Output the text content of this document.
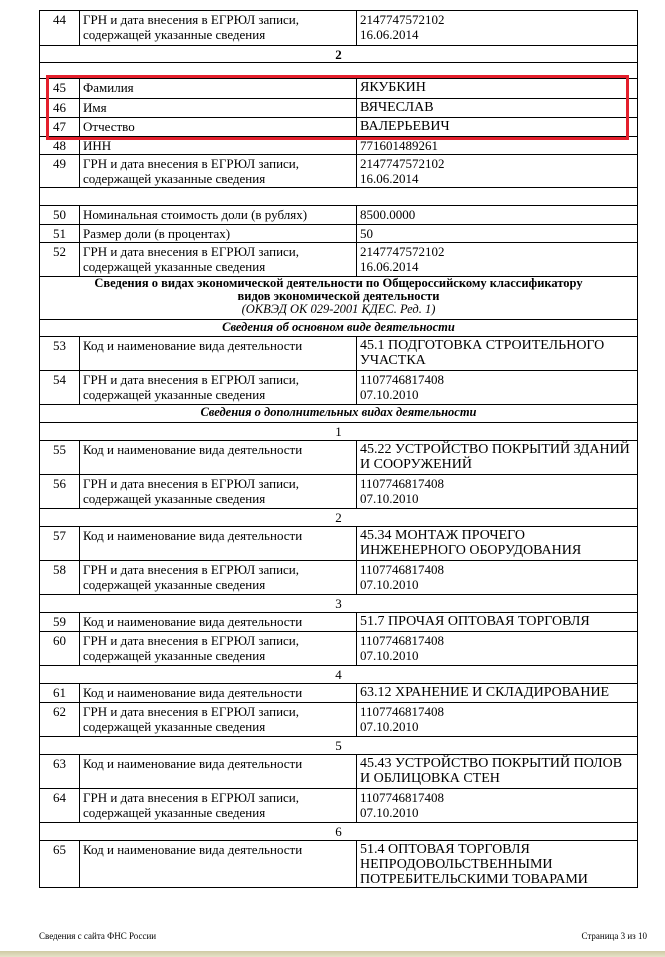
44	ГРН и дата внесения в ЕГРЮЛ записи, содержащей указанные сведения	2147747572102
16.06.2014
2		

45	Фамилия	ЯКУБКИН
46	Имя	ВЯЧЕСЛАВ
47	Отчество	ВАЛЕРЬЕВИЧ
48	ИНН	771601489261
49	ГРН и дата внесения в ЕГРЮЛ записи, содержащей указанные сведения	2147747572102
16.06.2014

50	Номинальная стоимость доли (в рублях)	8500.0000
51	Размер доли (в процентах)	50
52	ГРН и дата внесения в ЕГРЮЛ записи, содержащей указанные сведения	2147747572102
16.06.2014

Сведения о видах экономической деятельности по Общероссийскому классификатору видов экономической деятельности
(ОКВЭД ОК 029-2001 КДЕС. Ред. 1)		

Сведения об основном виде деятельности		
53	Код и наименование вида деятельности	45.1 ПОДГОТОВКА СТРОИТЕЛЬНОГО УЧАСТКА
54	ГРН и дата внесения в ЕГРЮЛ записи, содержащей указанные сведения	1107746817408
07.10.2010
Сведения о дополнительных видах деятельности		
1		
55	Код и наименование вида деятельности	45.22 УСТРОЙСТВО ПОКРЫТИЙ ЗДАНИЙ И СООРУЖЕНИЙ
56	ГРН и дата внесения в ЕГРЮЛ записи, содержащей указанные сведения	1107746817408
07.10.2010
2		
57	Код и наименование вида деятельности	45.34 МОНТАЖ ПРОЧЕГО ИНЖЕНЕРНОГО ОБОРУДОВАНИЯ
58	ГРН и дата внесения в ЕГРЮЛ записи, содержащей указанные сведения	1107746817408
07.10.2010
3		
59	Код и наименование вида деятельности	51.7 ПРОЧАЯ ОПТОВАЯ ТОРГОВЛЯ
60	ГРН и дата внесения в ЕГРЮЛ записи, содержащей указанные сведения	1107746817408
07.10.2010
4		
61	Код и наименование вида деятельности	63.12 ХРАНЕНИЕ И СКЛАДИРОВАНИЕ
62	ГРН и дата внесения в ЕГРЮЛ записи, содержащей указанные сведения	1107746817408
07.10.2010
5		
63	Код и наименование вида деятельности	45.43 УСТРОЙСТВО ПОКРЫТИЙ ПОЛОВ И ОБЛИЦОВКА СТЕН
64	ГРН и дата внесения в ЕГРЮЛ записи, содержащей указанные сведения	1107746817408
07.10.2010
6		
65	Код и наименование вида деятельности	51.4 ОПТОВАЯ ТОРГОВЛЯ НЕПРОДОВОЛЬСТВЕННЫМИ ПОТРЕБИТЕЛЬСКИМИ ТОВАРАМИ
Сведения с сайта ФНС России	Страница 3 из 10
